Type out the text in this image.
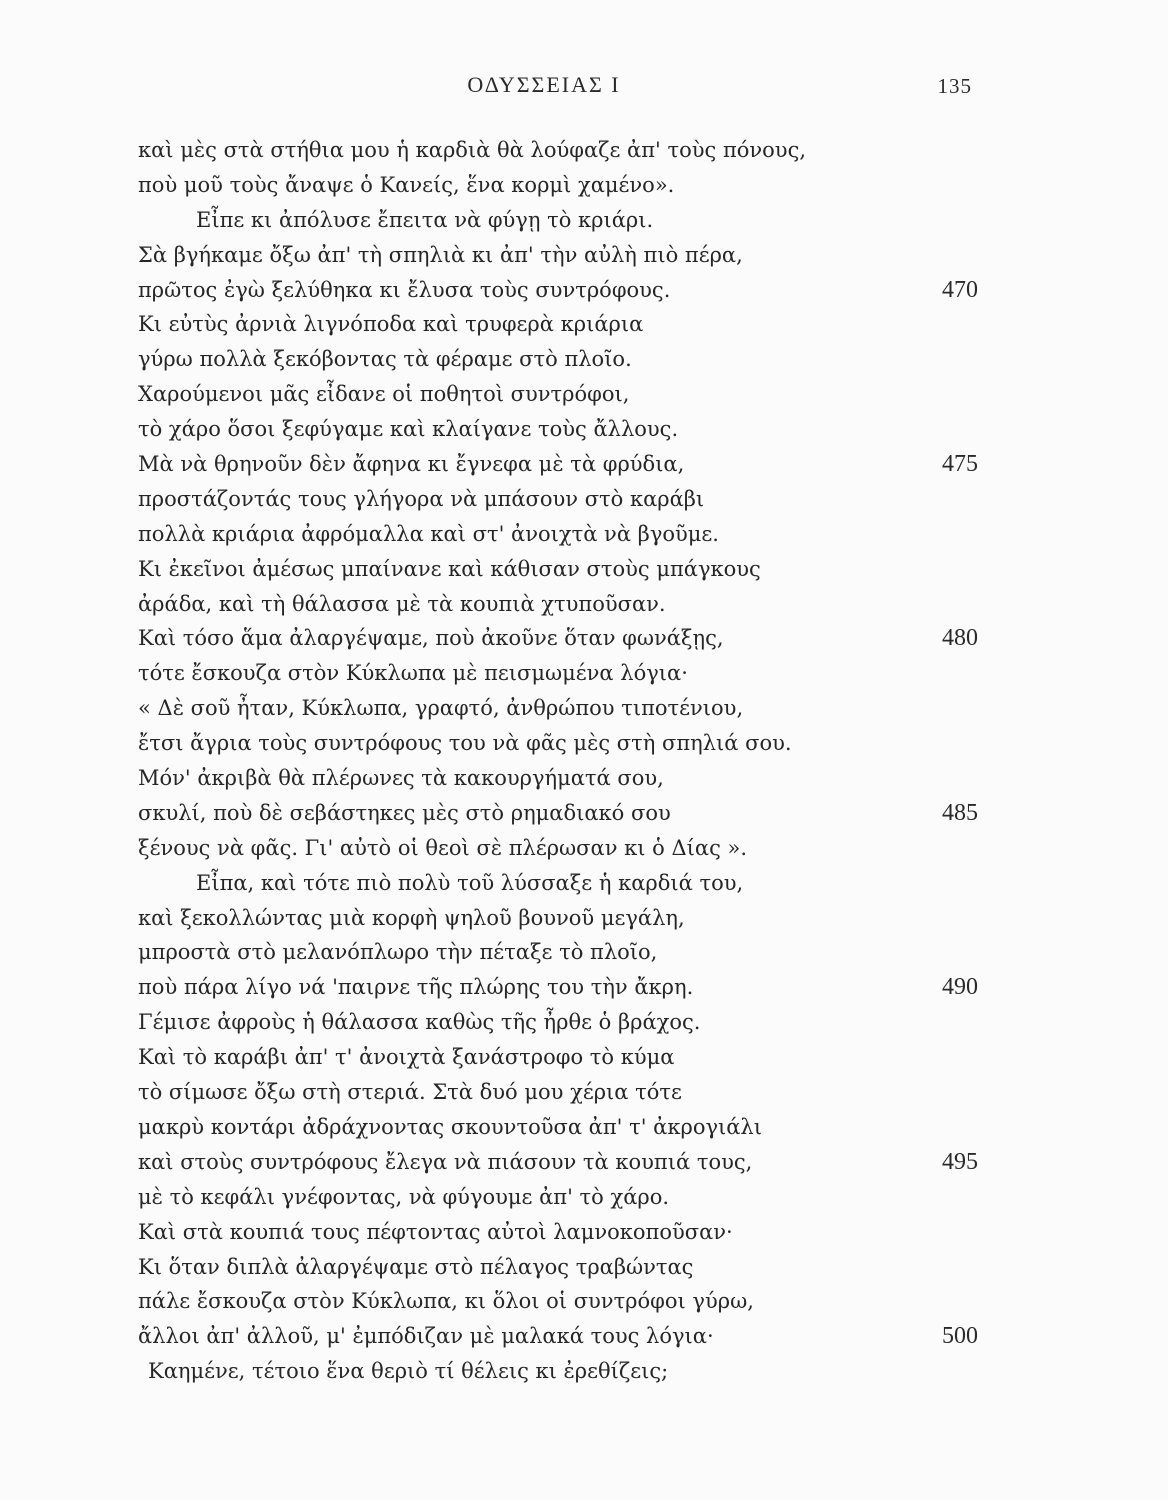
ΟΔΥΣΣΕΙΑΣ Ι	135
καὶ μὲς στὰ στήθια μου ἡ καρδιὰ θὰ λούφαζε ἀπ' τοὺς πόνους,
ποὺ μοῦ τοὺς ἄναψε ὁ Κανείς, ἕνα κορμὶ χαμένο».
Εἶπε κι ἀπόλυσε ἔπειτα νὰ φύγῃ τὸ κριάρι.
Σὰ βγήκαμε ὄξω ἀπ' τὴ σπηλιὰ κι ἀπ' τὴν αὐλὴ πιὸ πέρα,
πρῶτος ἐγὼ ξελύθηκα κι ἔλυσα τοὺς συντρόφους.	470
Κι εὐτὺς ἀρνιὰ λιγνόποδα καὶ τρυφερὰ κριάρια
γύρω πολλὰ ξεκόβοντας τὰ φέραμε στὸ πλοῖο.
Χαρούμενοι μᾶς εἶδανε οἱ ποθητοὶ συντρόφοι,
τὸ χάρο ὅσοι ξεφύγαμε καὶ κλαίγανε τοὺς ἄλλους.
Μὰ νὰ θρηνοῦν δὲν ἄφηνα κι ἔγνεφα μὲ τὰ φρύδια,	475
προστάζοντάς τους γλήγορα νὰ μπάσουν στὸ καράβι
πολλὰ κριάρια ἀφρόμαλλα καὶ στ' ἀνοιχτὰ νὰ βγοῦμε.
Κι ἐκεῖνοι ἀμέσως μπαίνανε καὶ κάθισαν στοὺς μπάγκους
ἀράδα, καὶ τὴ θάλασσα μὲ τὰ κουπιὰ χτυποῦσαν.
Καὶ τόσο ἅμα ἀλαργέψαμε, ποὺ ἀκοῦνε ὅταν φωνάξῃς,	480
τότε ἔσκουζα στὸν Κύκλωπα μὲ πεισμωμένα λόγια·
« Δὲ σοῦ ἦταν, Κύκλωπα, γραφτό, ἀνθρώπου τιποτένιου,
ἔτσι ἄγρια τοὺς συντρόφους του νὰ φᾶς μὲς στὴ σπηλιά σου.
Μόν' ἀκριβὰ θὰ πλέρωνες τὰ κακουργήματά σου,
σκυλί, ποὺ δὲ σεβάστηκες μὲς στὸ ρημαδιακό σου	485
ξένους νὰ φᾶς. Γι' αὐτὸ οἱ θεοὶ σὲ πλέρωσαν κι ὁ Δίας ».
Εἶπα, καὶ τότε πιὸ πολὺ τοῦ λύσσαξε ἡ καρδιά του,
καὶ ξεκολλώντας μιὰ κορφὴ ψηλοῦ βουνοῦ μεγάλη,
μπροστὰ στὸ μελανόπλωρο τὴν πέταξε τὸ πλοῖο,
ποὺ πάρα λίγο νά 'παιρνε τῆς πλώρης του τὴν ἄκρη.	490
Γέμισε ἀφροὺς ἡ θάλασσα καθὼς τῆς ἦρθε ὁ βράχος.
Καὶ τὸ καράβι ἀπ' τ' ἀνοιχτὰ ξανάστροφο τὸ κύμα
τὸ σίμωσε ὄξω στὴ στεριά. Στὰ δυό μου χέρια τότε
μακρὺ κοντάρι ἀδράχνοντας σκουντοῦσα ἀπ' τ' ἀκρογιάλι
καὶ στοὺς συντρόφους ἔλεγα νὰ πιάσουν τὰ κουπιά τους,	495
μὲ τὸ κεφάλι γνέφοντας, νὰ φύγουμε ἀπ' τὸ χάρο.
Καὶ στὰ κουπιά τους πέφτοντας αὐτοὶ λαμνοκοποῦσαν·
Κι ὅταν διπλὰ ἀλαργέψαμε στὸ πέλαγος τραβώντας
πάλε ἔσκουζα στὸν Κύκλωπα, κι ὅλοι οἱ συντρόφοι γύρω,
ἄλλοι ἀπ' ἀλλοῦ, μ' ἐμπόδιζαν μὲ μαλακά τους λόγια·	500
Καημένε, τέτοιο ἕνα θεριὸ τί θέλεις κι ἐρεθίζεις;
